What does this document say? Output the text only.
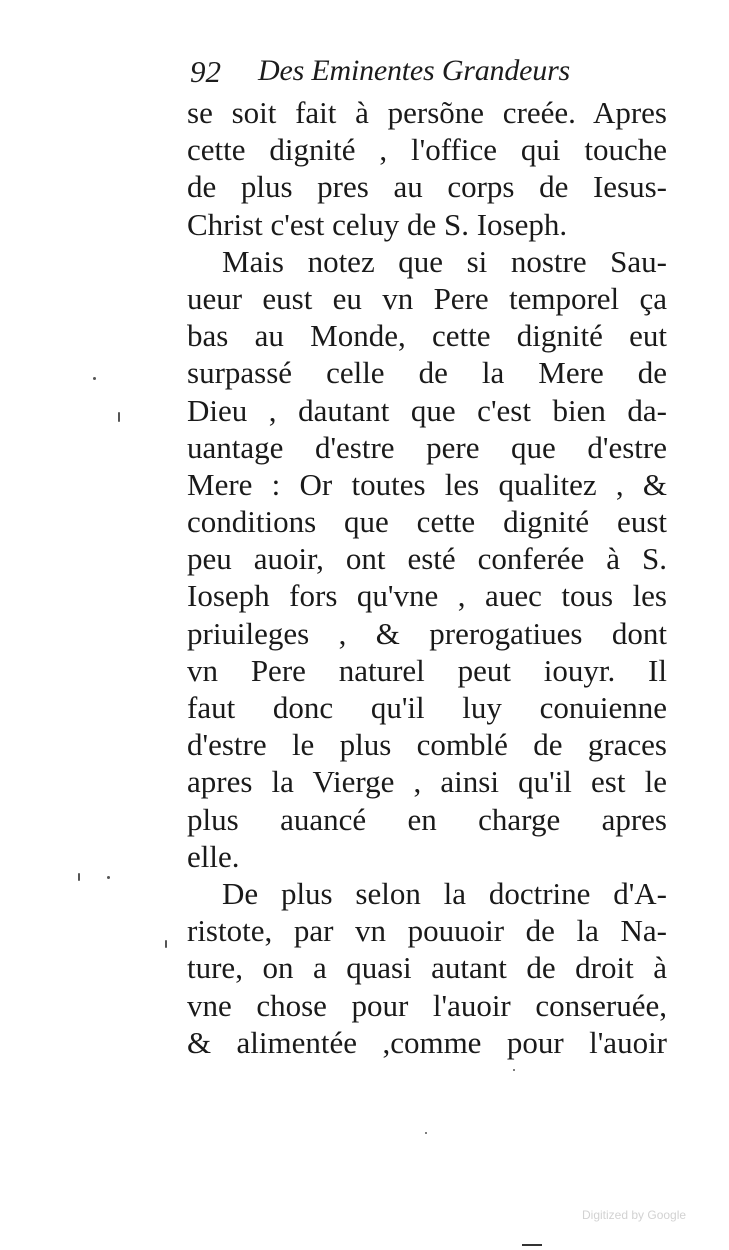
92 Des Eminentes Grandeurs
se soit fait à persõne creée. Apres
cette dignité , l'office qui touche
de plus pres au corps de Iesus-
Christ c'est celuy de S. Ioseph.
Mais notez que si nostre Sau-
ueur eust eu vn Pere temporel ça
bas au Monde, cette dignité eut
surpassé celle de la Mere de
Dieu , dautant que c'est bien da-
uantage d'estre pere que d'estre
Mere : Or toutes les qualitez , &
conditions que cette dignité eust
peu auoir, ont esté conferée à S.
Ioseph fors qu'vne , auec tous les
priuileges , & prerogatiues dont
vn Pere naturel peut iouyr. Il
faut donc qu'il luy conuienne
d'estre le plus comblé de graces
apres la Vierge , ainsi qu'il est le
plus auancé en charge apres
elle.
De plus selon la doctrine d'A-
ristote, par vn pouuoir de la Na-
ture, on a quasi autant de droit à
vne chose pour l'auoir conseruée,
& alimentée ,comme pour l'auoir
Digitized by Google
